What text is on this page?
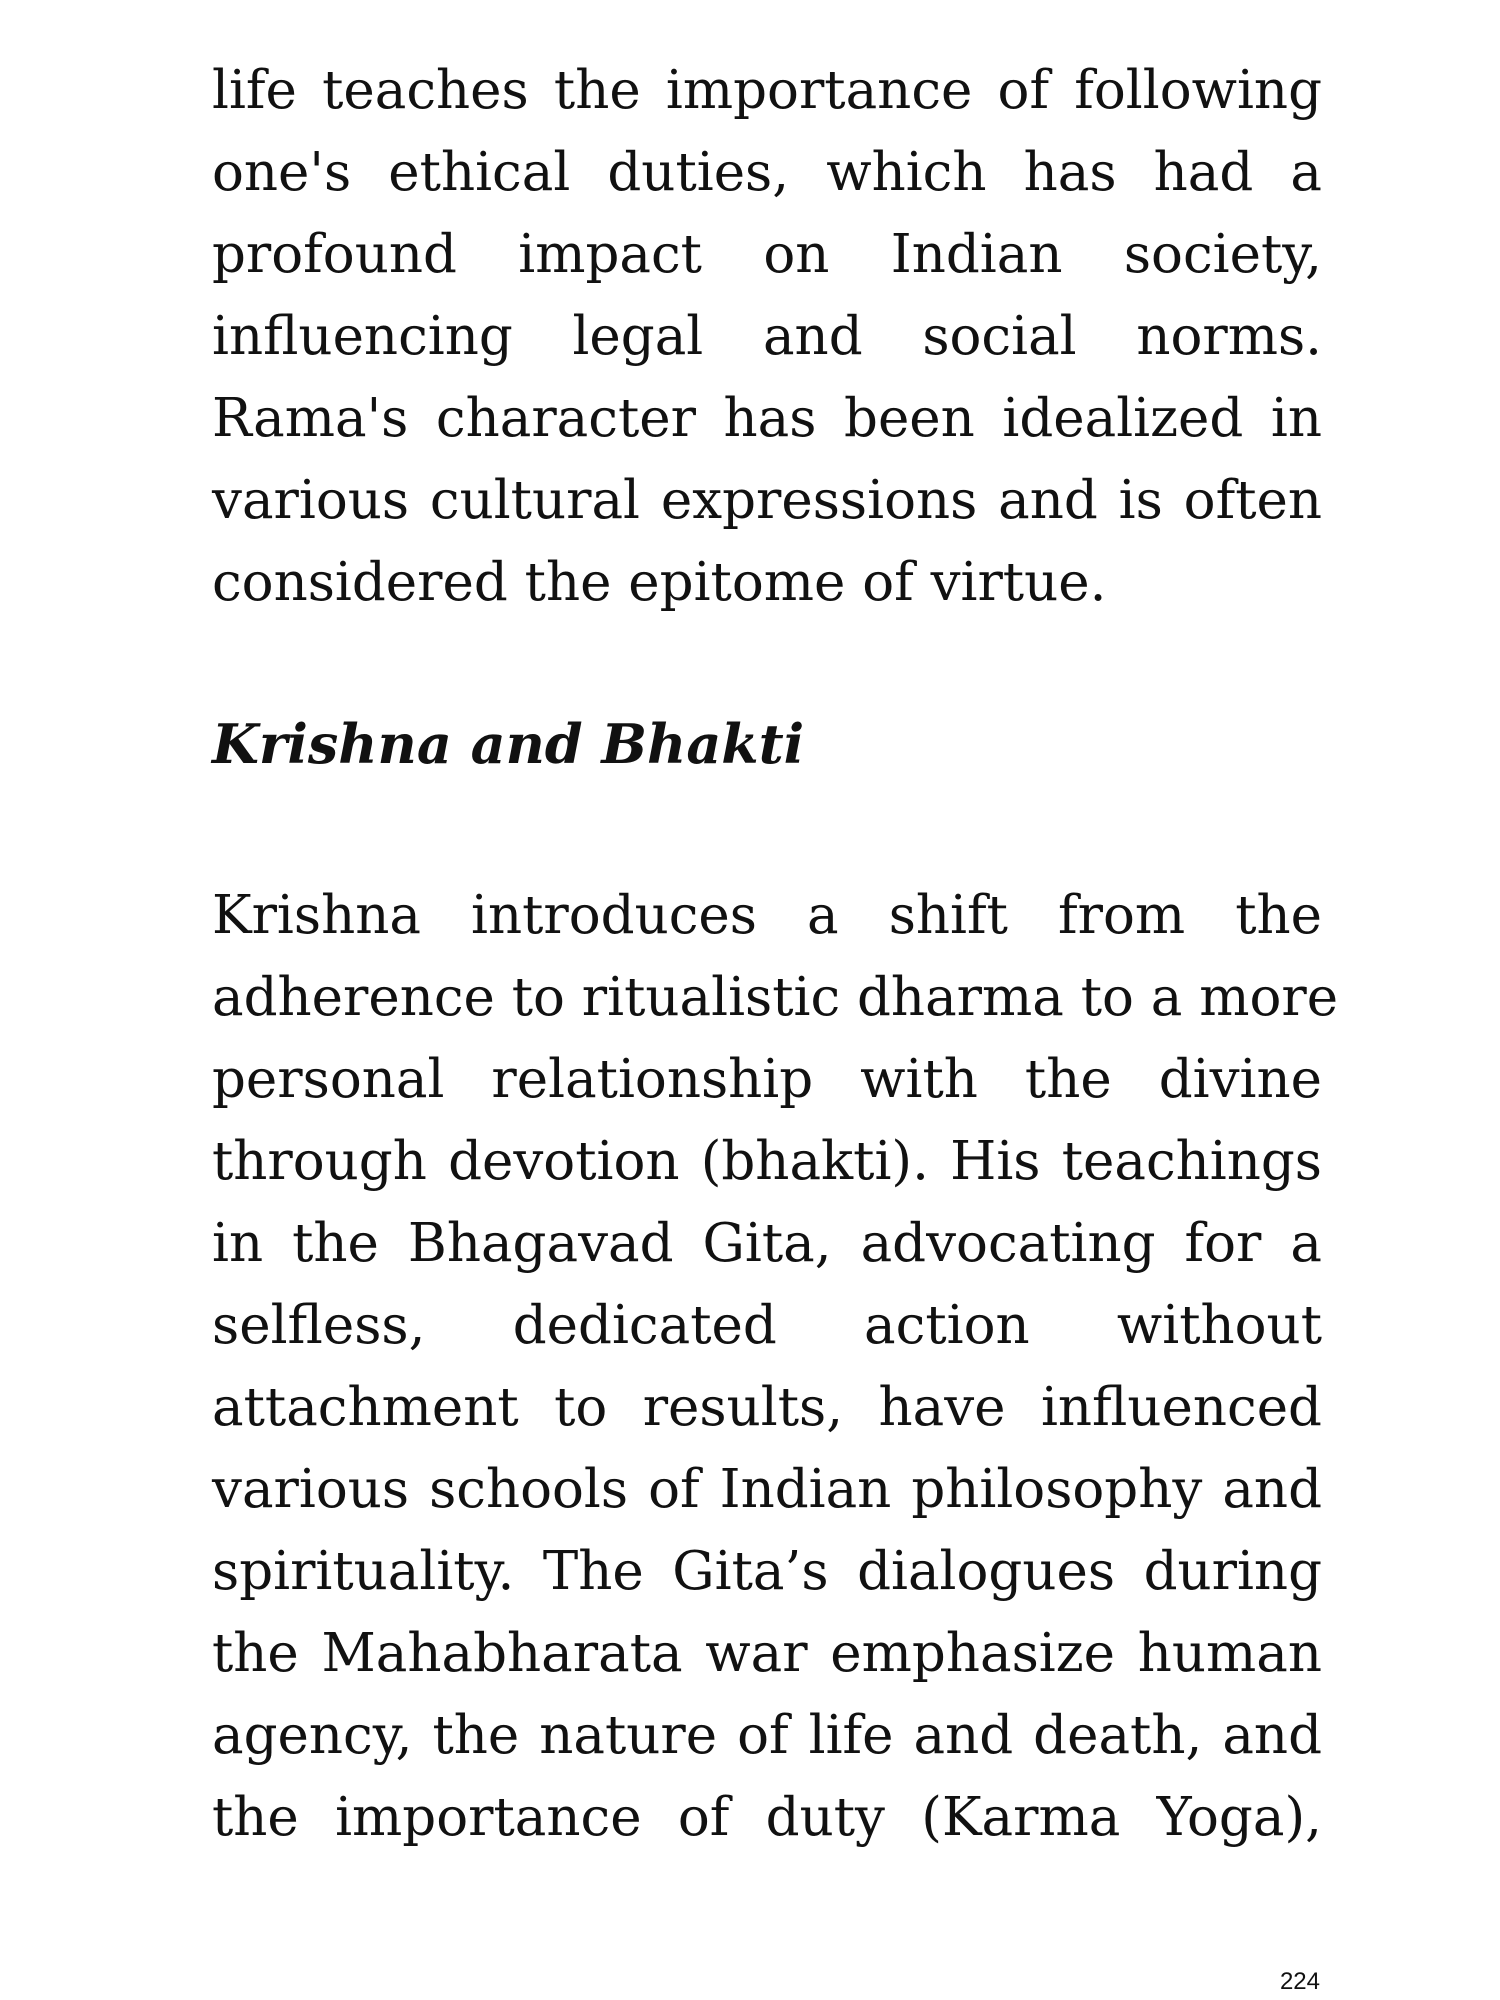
life teaches the importance of following
one's ethical duties, which has had a
profound impact on Indian society,
influencing legal and social norms.
Rama's character has been idealized in
various cultural expressions and is often
considered the epitome of virtue.
Krishna and Bhakti
Krishna introduces a shift from the
adherence to ritualistic dharma to a more
personal relationship with the divine
through devotion (bhakti). His teachings
in the Bhagavad Gita, advocating for a
selfless, dedicated action without
attachment to results, have influenced
various schools of Indian philosophy and
spirituality. The Gita’s dialogues during
the Mahabharata war emphasize human
agency, the nature of life and death, and
the importance of duty (Karma Yoga),
224
